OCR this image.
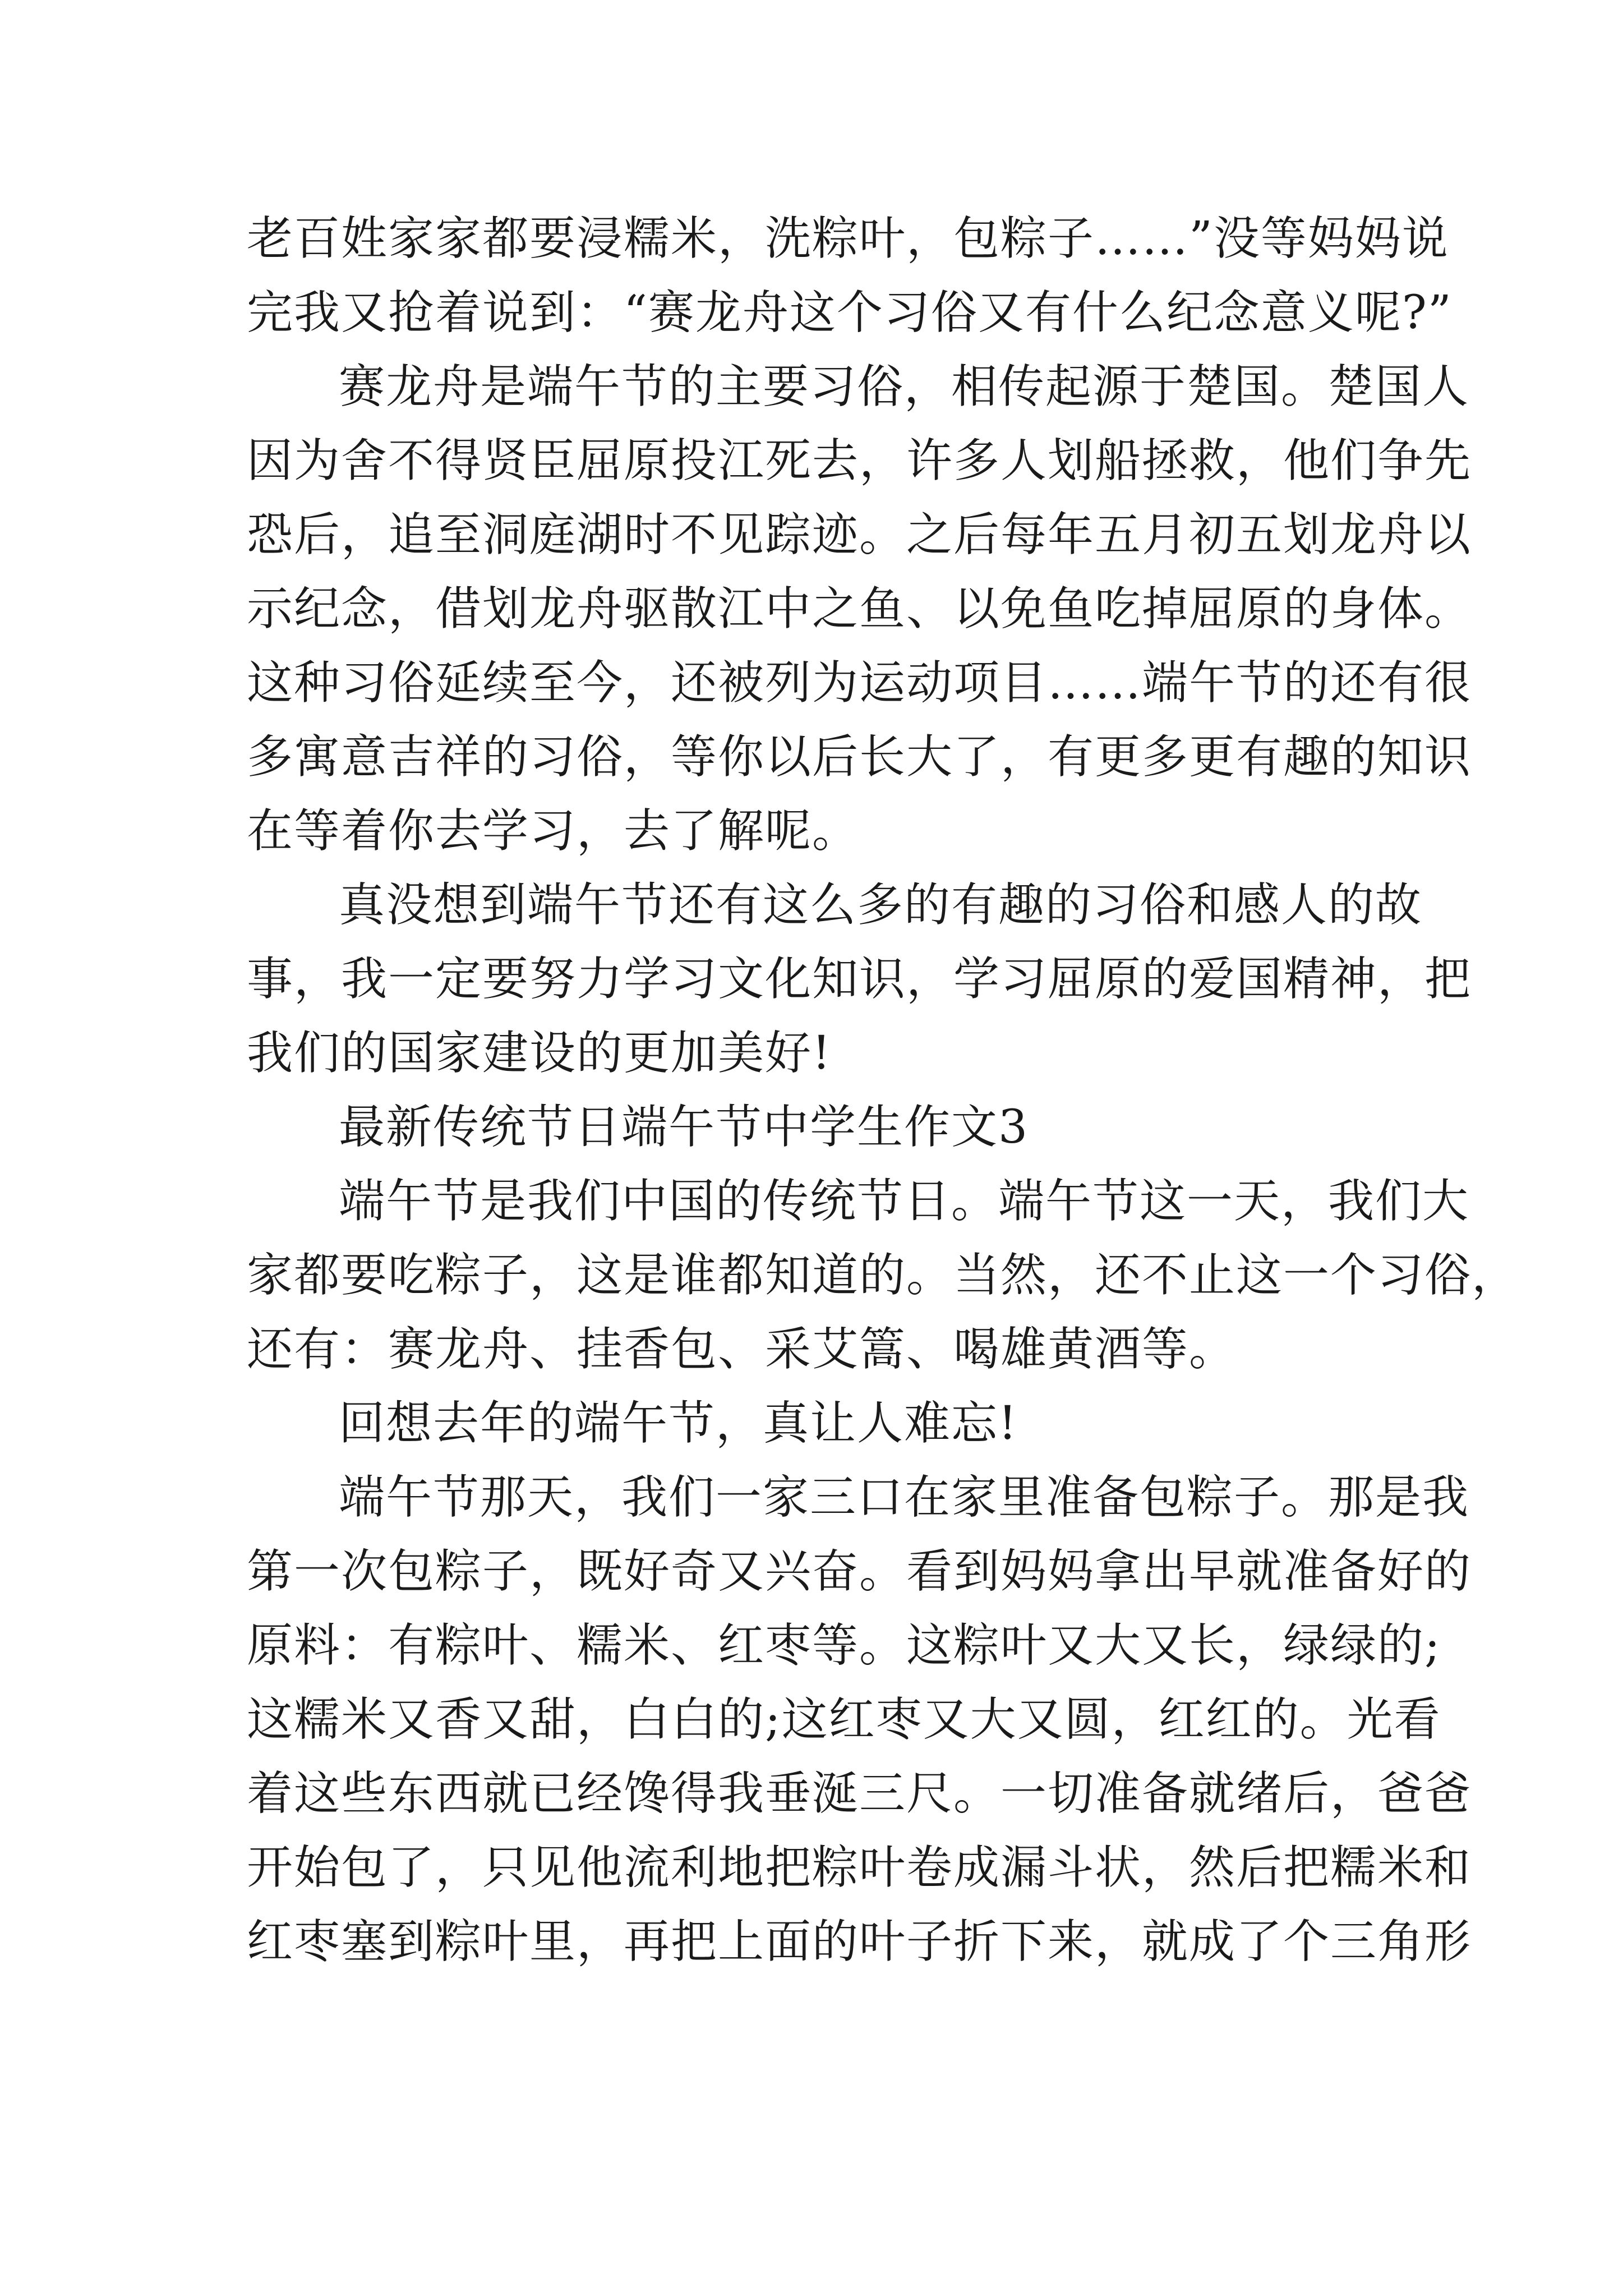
老百姓家家都要浸糯米，洗粽叶，包粽子……”没等妈妈说
完我又抢着说到：“赛龙舟这个习俗又有什么纪念意义呢?”
赛龙舟是端午节的主要习俗，相传起源于楚国。楚国人
因为舍不得贤臣屈原投江死去，许多人划船拯救，他们争先
恐后，追至洞庭湖时不见踪迹。之后每年五月初五划龙舟以
示纪念，借划龙舟驱散江中之鱼、以免鱼吃掉屈原的身体。
这种习俗延续至今，还被列为运动项目……端午节的还有很
多寓意吉祥的习俗，等你以后长大了，有更多更有趣的知识
在等着你去学习，去了解呢。
真没想到端午节还有这么多的有趣的习俗和感人的故
事，我一定要努力学习文化知识，学习屈原的爱国精神，把
我们的国家建设的更加美好!
最新传统节日端午节中学生作文3
端午节是我们中国的传统节日。端午节这一天，我们大
家都要吃粽子，这是谁都知道的。当然，还不止这一个习俗，
还有：赛龙舟、挂香包、采艾篙、喝雄黄酒等。
回想去年的端午节，真让人难忘!
端午节那天，我们一家三口在家里准备包粽子。那是我
第一次包粽子，既好奇又兴奋。看到妈妈拿出早就准备好的
原料：有粽叶、糯米、红枣等。这粽叶又大又长，绿绿的;
这糯米又香又甜，白白的;这红枣又大又圆，红红的。光看
着这些东西就已经馋得我垂涎三尺。一切准备就绪后，爸爸
开始包了，只见他流利地把粽叶卷成漏斗状，然后把糯米和
红枣塞到粽叶里，再把上面的叶子折下来，就成了个三角形
